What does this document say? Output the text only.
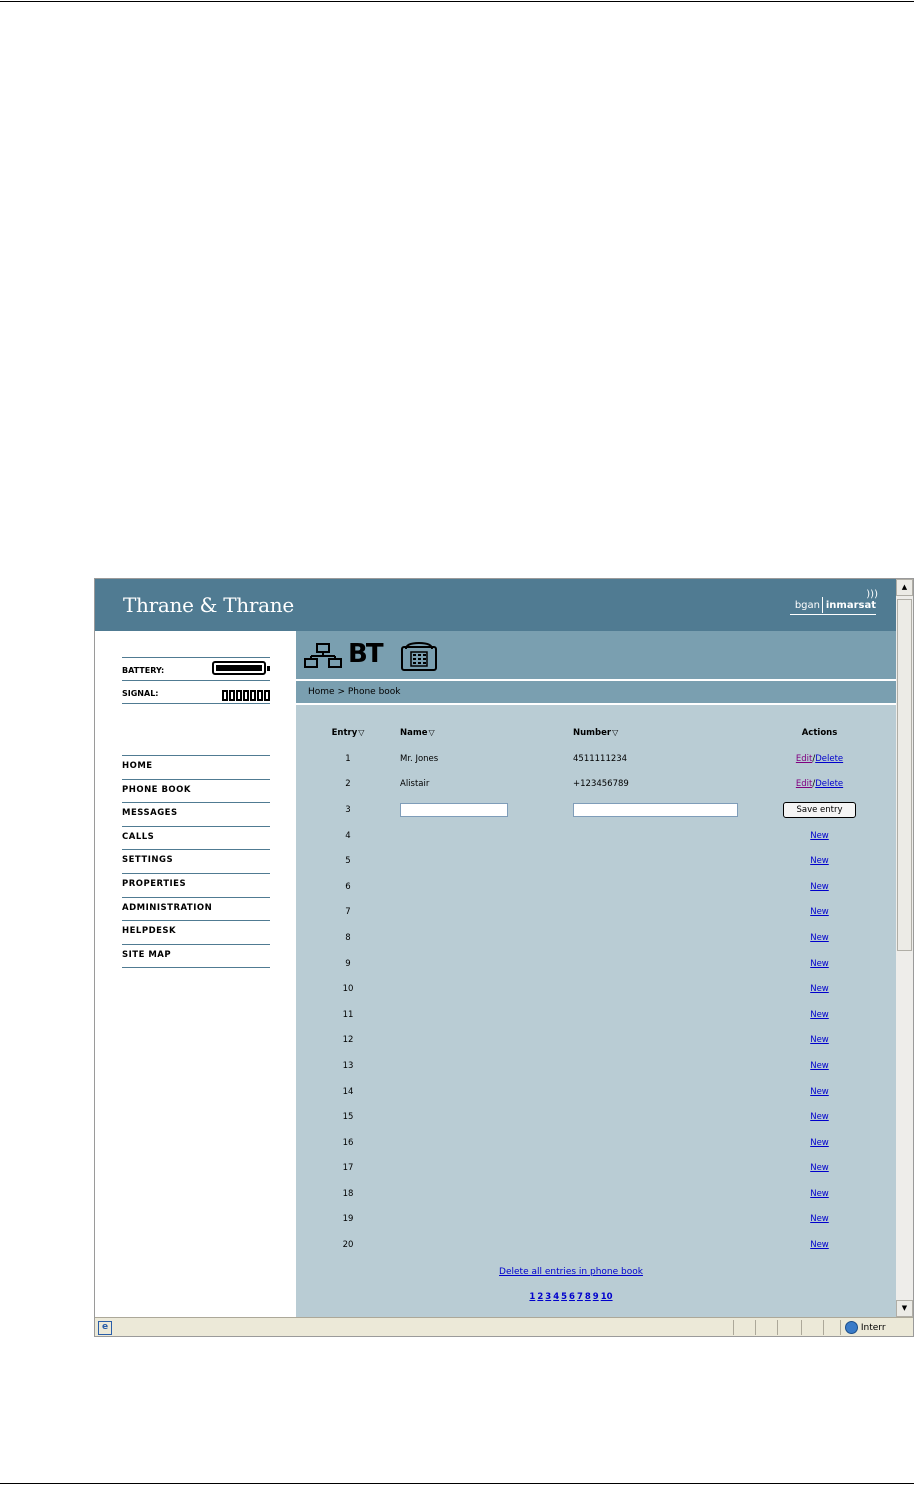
Thrane & Thrane	bgan inmarsat
)))
BATTERY:
SIGNAL:
HOME
PHONE BOOK
MESSAGES
CALLS
SETTINGS
PROPERTIES
ADMINISTRATION
HELPDESK
SITE MAP
BT
Home > Phone book
Entry▽	Name▽	Number▽	Actions
1	Mr. Jones	4511111234	Edit/Delete
2	Alistair	+123456789	Edit/Delete
3			Save entry
4			New
5			New
6			New
7			New
8			New
9			New
10			New
11			New
12			New
13			New
14			New
15			New
16			New
17			New
18			New
19			New
20			New
Delete all entries in phone book
1 2 3 4 5 6 7 8 9 10
▲
▼
e	Interr
